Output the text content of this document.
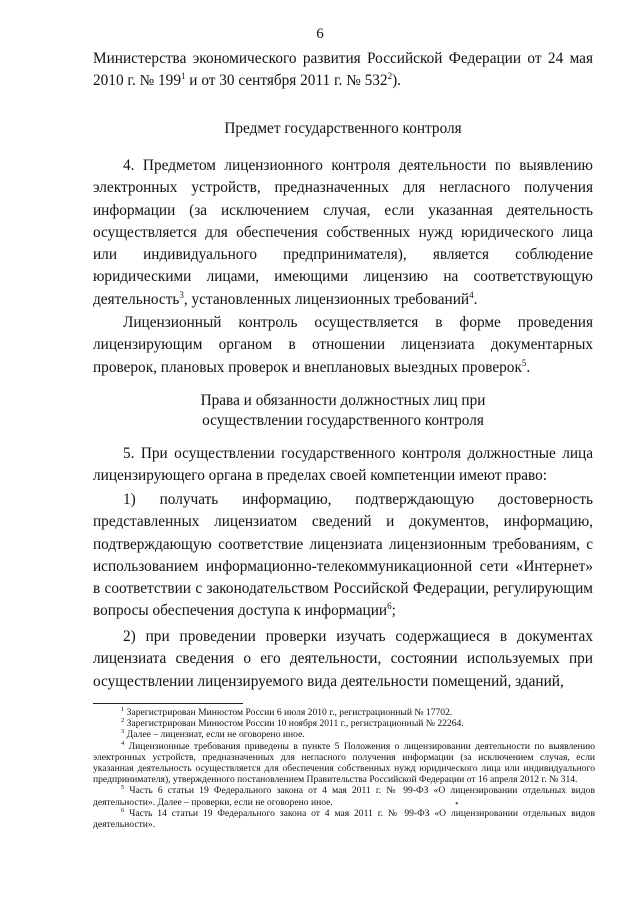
6

Министерства экономического развития Российской Федерации от 24 мая 2010 г. № $199^1$ и от 30 сентября 2011 г. № $532^2$).

Предмет государственного контроля

4. Предметом лицензионного контроля деятельности по выявлению электронных устройств, предназначенных для негласного получения информации (за исключением случая, если указанная деятельность осуществляется для обеспечения собственных нужд юридического лица или индивидуального предпринимателя), является соблюдение юридическими лицами, имеющими лицензию на соответствующую деятельность$^3$, установленных лицензионных требований$^4$.

Лицензионный контроль осуществляется в форме проведения лицензирующим органом в отношении лицензиата документарных проверок, плановых проверок и внеплановых выездных проверок$^5$.

Права и обязанности должностных лиц при
осуществлении государственного контроля

5. При осуществлении государственного контроля должностные лица лицензирующего органа в пределах своей компетенции имеют право:

1) получать информацию, подтверждающую достоверность представленных лицензиатом сведений и документов, информацию, подтверждающую соответствие лицензиата лицензионным требованиям, с использованием информационно-телекоммуникационной сети «Интернет» в соответствии с законодательством Российской Федерации, регулирующим вопросы обеспечения доступа к информации$^6$;

2) при проведении проверки изучать содержащиеся в документах лицензиата сведения о его деятельности, состоянии используемых при осуществлении лицензируемого вида деятельности помещений, зданий,

$^1$ Зарегистрирован Минюстом России 6 июля 2010 г., регистрационный № 17702.

$^2$ Зарегистрирован Минюстом России 10 ноября 2011 г., регистрационный № 22264.

$^3$ Далее – лицензиат, если не оговорено иное.

$^4$ Лицензионные требования приведены в пункте 5 Положения о лицензировании деятельности по выявлению электронных устройств, предназначенных для негласного получения информации (за исключением случая, если указанная деятельность осуществляется для обеспечения собственных нужд юридического лица или индивидуального предпринимателя), утвержденного постановлением Правительства Российской Федерации от 16 апреля 2012 г. № 314.

$^5$ Часть 6 статьи 19 Федерального закона от 4 мая 2011 г. № 99-ФЗ «О лицензировании отдельных видов деятельности». Далее – проверки, если не оговорено иное.

$^6$ Часть 14 статьи 19 Федерального закона от 4 мая 2011 г. № 99-ФЗ «О лицензировании отдельных видов деятельности».

•
